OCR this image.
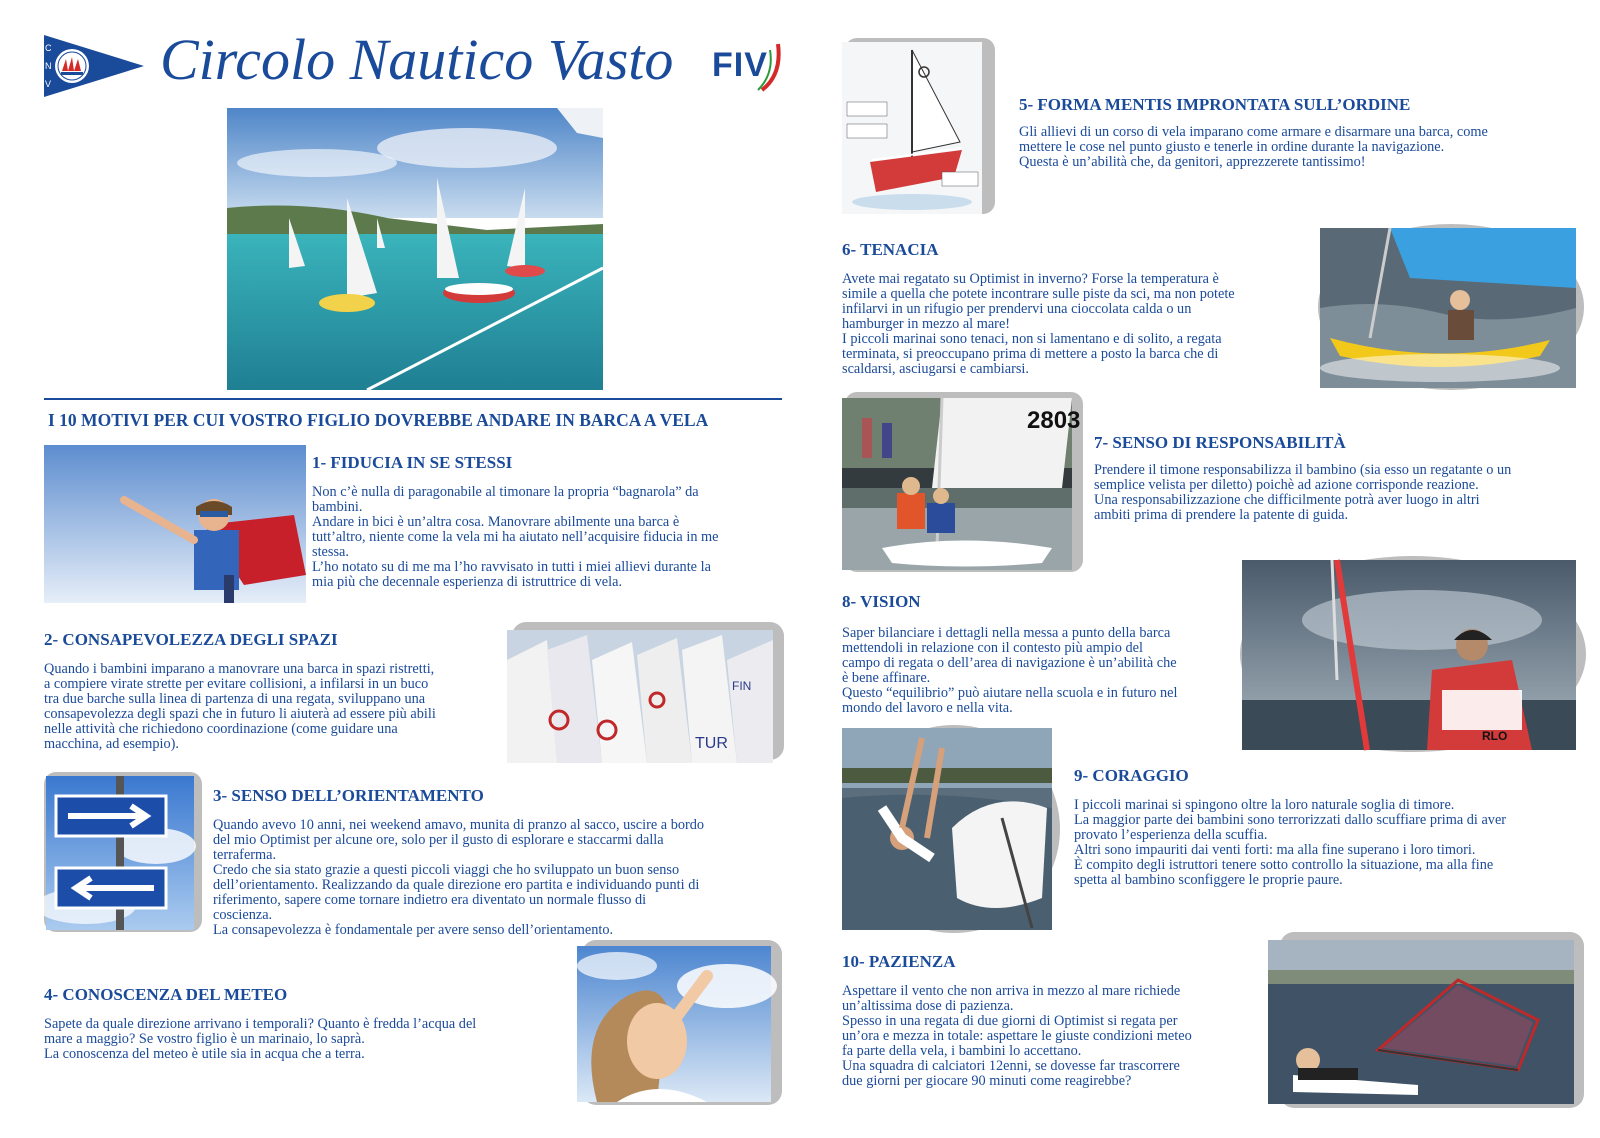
C
N
V Circolo Nautico Vasto FIV
I 10 MOTIVI PER CUI VOSTRO FIGLIO DOVREBBE ANDARE IN BARCA A VELA
1- FIDUCIA IN SE STESSI
Non c’è nulla di paragonabile al timonare la propria “bagnarola” da
bambini.
Andare in bici è un’altra cosa. Manovrare abilmente una barca è
tutt’altro, niente come la vela mi ha aiutato nell’acquisire fiducia in me
stessa.
L’ho notato su di me ma l’ho ravvisato in tutti i miei allievi durante la
mia più che decennale esperienza di istruttrice di vela.
2- CONSAPEVOLEZZA DEGLI SPAZI
Quando i bambini imparano a manovrare una barca in spazi ristretti,
a compiere virate strette per evitare collisioni, a infilarsi in un buco
tra due barche sulla linea di partenza di una regata, sviluppano una
consapevolezza degli spazi che in futuro li aiuterà ad essere più abili
nelle attività che richiedono coordinazione (come guidare una
macchina, ad esempio).
FIN
TUR
3- SENSO DELL’ORIENTAMENTO
Quando avevo 10 anni, nei weekend amavo, munita di pranzo al sacco, uscire a bordo
del mio Optimist per alcune ore, solo per il gusto di esplorare e staccarmi dalla
terraferma.
Credo che sia stato grazie a questi piccoli viaggi che ho sviluppato un buon senso
dell’orientamento. Realizzando da quale direzione ero partita e individuando punti di
riferimento, sapere come tornare indietro era diventato un normale flusso di
coscienza.
La consapevolezza è fondamentale per avere senso dell’orientamento.
4- CONOSCENZA DEL METEO
Sapete da quale direzione arrivano i temporali? Quanto è fredda l’acqua del
mare a maggio? Se vostro figlio è un marinaio, lo saprà.
La conoscenza del meteo è utile sia in acqua che a terra.
5- FORMA MENTIS IMPRONTATA SULL’ORDINE
Gli allievi di un corso di vela imparano come armare e disarmare una barca, come
mettere le cose nel punto giusto e tenerle in ordine durante la navigazione.
Questa è un’abilità che, da genitori, apprezzerete tantissimo!
6- TENACIA
Avete mai regatato su Optimist in inverno? Forse la temperatura è
simile a quella che potete incontrare sulle piste da sci, ma non potete
infilarvi in un rifugio per prendervi una cioccolata calda o un
hamburger in mezzo al mare!
I piccoli marinai sono tenaci, non si lamentano e di solito, a regata
terminata, si preoccupano prima di mettere a posto la barca che di
scaldarsi, asciugarsi e cambiarsi.
2803
7- SENSO DI RESPONSABILITÀ
Prendere il timone responsabilizza il bambino (sia esso un regatante o un
semplice velista per diletto) poichè ad azione corrisponde reazione.
Una responsabilizzazione che difficilmente potrà aver luogo in altri
ambiti prima di prendere la patente di guida.
8- VISION
Saper bilanciare i dettagli nella messa a punto della barca
mettendoli in relazione con il contesto più ampio del
campo di regata o dell’area di navigazione è un’abilità che
è bene affinare.
Questo “equilibrio” può aiutare nella scuola e in futuro nel
mondo del lavoro e nella vita.
RLO
9- CORAGGIO
I piccoli marinai si spingono oltre la loro naturale soglia di timore.
La maggior parte dei bambini sono terrorizzati dallo scuffiare prima di aver
provato l’esperienza della scuffia.
Altri sono impauriti dai venti forti: ma alla fine superano i loro timori.
È compito degli istruttori tenere sotto controllo la situazione, ma alla fine
spetta al bambino sconfiggere le proprie paure.
10- PAZIENZA
Aspettare il vento che non arriva in mezzo al mare richiede
un’altissima dose di pazienza.
Spesso in una regata di due giorni di Optimist si regata per
un’ora e mezza in totale: aspettare le giuste condizioni meteo
fa parte della vela, i bambini lo accettano.
Una squadra di calciatori 12enni, se dovesse far trascorrere
due giorni per giocare 90 minuti come reagirebbe?
